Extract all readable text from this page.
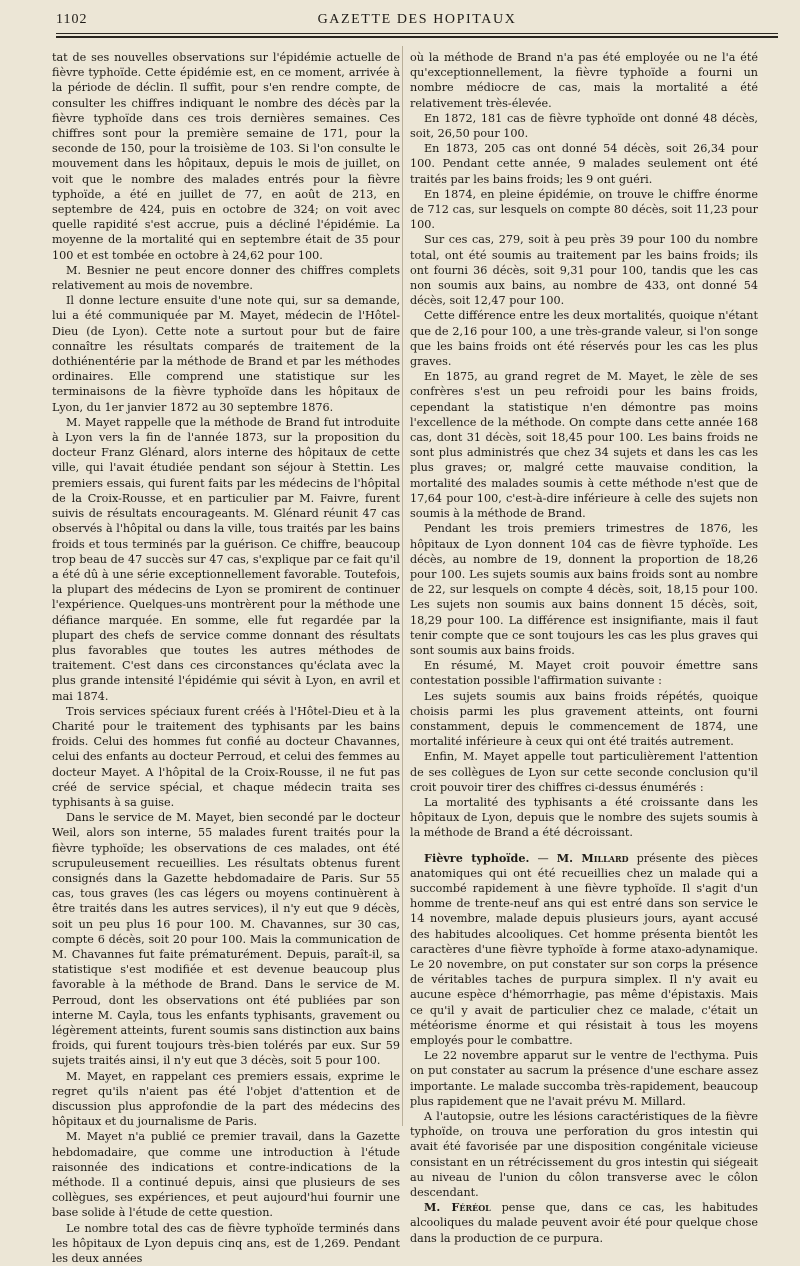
1102	GAZETTE DES HOPITAUX

tat de ses nouvelles observations sur l'épidémie actuelle de fièvre typhoïde. Cette épidémie est, en ce moment, arrivée à la période de déclin. Il suffit, pour s'en rendre compte, de consulter les chiffres indiquant le nombre des décès par la fièvre typhoïde dans ces trois dernières semaines. Ces chiffres sont pour la première semaine de 171, pour la seconde de 150, pour la troisième de 103. Si l'on consulte le mouvement dans les hôpitaux, depuis le mois de juillet, on voit que le nombre des malades entrés pour la fièvre typhoïde, a été en juillet de 77, en août de 213, en septembre de 424, puis en octobre de 324; on voit avec quelle rapidité s'est accrue, puis a décliné l'épidémie. La moyenne de la mortalité qui en septembre était de 35 pour 100 et est tombée en octobre à 24,62 pour 100.

M. Besnier ne peut encore donner des chiffres complets relativement au mois de novembre.

Il donne lecture ensuite d'une note qui, sur sa demande, lui a été communiquée par M. Mayet, médecin de l'Hôtel-Dieu (de Lyon). Cette note a surtout pour but de faire connaître les résultats comparés de traitement de la dothiénentérie par la méthode de Brand et par les méthodes ordinaires. Elle comprend une statistique sur les terminaisons de la fièvre typhoïde dans les hôpitaux de Lyon, du 1er janvier 1872 au 30 septembre 1876.

M. Mayet rappelle que la méthode de Brand fut introduite à Lyon vers la fin de l'année 1873, sur la proposition du docteur Franz Glénard, alors interne des hôpitaux de cette ville, qui l'avait étudiée pendant son séjour à Stettin. Les premiers essais, qui furent faits par les médecins de l'hôpital de la Croix-Rousse, et en particulier par M. Faivre, furent suivis de résultats encourageants. M. Glénard réunit 47 cas observés à l'hôpital ou dans la ville, tous traités par les bains froids et tous terminés par la guérison. Ce chiffre, beaucoup trop beau de 47 succès sur 47 cas, s'explique par ce fait qu'il a été dû à une série exceptionnellement favorable. Toutefois, la plupart des médecins de Lyon se promirent de continuer l'expérience. Quelques-uns montrèrent pour la méthode une défiance marquée. En somme, elle fut regardée par la plupart des chefs de service comme donnant des résultats plus favorables que toutes les autres méthodes de traitement. C'est dans ces circonstances qu'éclata avec la plus grande intensité l'épidémie qui sévit à Lyon, en avril et mai 1874.

Trois services spéciaux furent créés à l'Hôtel-Dieu et à la Charité pour le traitement des typhisants par les bains froids. Celui des hommes fut confié au docteur Chavannes, celui des enfants au docteur Perroud, et celui des femmes au docteur Mayet. A l'hôpital de la Croix-Rousse, il ne fut pas créé de service spécial, et chaque médecin traita ses typhisants à sa guise.

Dans le service de M. Mayet, bien secondé par le docteur Weil, alors son interne, 55 malades furent traités pour la fièvre typhoïde; les observations de ces malades, ont été scrupuleusement recueillies. Les résultats obtenus furent consignés dans la Gazette hebdomadaire de Paris. Sur 55 cas, tous graves (les cas légers ou moyens continuèrent à être traités dans les autres services), il n'y eut que 9 décès, soit un peu plus 16 pour 100. M. Chavannes, sur 30 cas, compte 6 décès, soit 20 pour 100. Mais la communication de M. Chavannes fut faite prématurément. Depuis, paraît-il, sa statistique s'est modifiée et est devenue beaucoup plus favorable à la méthode de Brand. Dans le service de M. Perroud, dont les observations ont été publiées par son interne M. Cayla, tous les enfants typhisants, gravement ou légèrement atteints, furent soumis sans distinction aux bains froids, qui furent toujours très-bien tolérés par eux. Sur 59 sujets traités ainsi, il n'y eut que 3 décès, soit 5 pour 100.

M. Mayet, en rappelant ces premiers essais, exprime le regret qu'ils n'aient pas été l'objet d'attention et de discussion plus approfondie de la part des médecins des hôpitaux et du journalisme de Paris.

M. Mayet n'a publié ce premier travail, dans la Gazette hebdomadaire, que comme une introduction à l'étude raisonnée des indications et contre-indications de la méthode. Il a continué depuis, ainsi que plusieurs de ses collègues, ses expériences, et peut aujourd'hui fournir une base solide à l'étude de cette question.

Le nombre total des cas de fièvre typhoïde terminés dans les hôpitaux de Lyon depuis cinq ans, est de 1,269. Pendant les deux années

où la méthode de Brand n'a pas été employée ou ne l'a été qu'exceptionnellement, la fièvre typhoïde a fourni un nombre médiocre de cas, mais la mortalité a été relativement très-élevée.

En 1872, 181 cas de fièvre typhoïde ont donné 48 décès, soit, 26,50 pour 100.

En 1873, 205 cas ont donné 54 décès, soit 26,34 pour 100. Pendant cette année, 9 malades seulement ont été traités par les bains froids; les 9 ont guéri.

En 1874, en pleine épidémie, on trouve le chiffre énorme de 712 cas, sur lesquels on compte 80 décès, soit 11,23 pour 100.

Sur ces cas, 279, soit à peu près 39 pour 100 du nombre total, ont été soumis au traitement par les bains froids; ils ont fourni 36 décès, soit 9,31 pour 100, tandis que les cas non soumis aux bains, au nombre de 433, ont donné 54 décès, soit 12,47 pour 100.

Cette différence entre les deux mortalités, quoique n'étant que de 2,16 pour 100, a une très-grande valeur, si l'on songe que les bains froids ont été réservés pour les cas les plus graves.

En 1875, au grand regret de M. Mayet, le zèle de ses confrères s'est un peu refroidi pour les bains froids, cependant la statistique n'en démontre pas moins l'excellence de la méthode. On compte dans cette année 168 cas, dont 31 décès, soit 18,45 pour 100. Les bains froids ne sont plus administrés que chez 34 sujets et dans les cas les plus graves; or, malgré cette mauvaise condition, la mortalité des malades soumis à cette méthode n'est que de 17,64 pour 100, c'est-à-dire inférieure à celle des sujets non soumis à la méthode de Brand.

Pendant les trois premiers trimestres de 1876, les hôpitaux de Lyon donnent 104 cas de fièvre typhoïde. Les décès, au nombre de 19, donnent la proportion de 18,26 pour 100. Les sujets soumis aux bains froids sont au nombre de 22, sur lesquels on compte 4 décès, soit, 18,15 pour 100. Les sujets non soumis aux bains donnent 15 décès, soit, 18,29 pour 100. La différence est insignifiante, mais il faut tenir compte que ce sont toujours les cas les plus graves qui sont soumis aux bains froids.

En résumé, M. Mayet croit pouvoir émettre sans contestation possible l'affirmation suivante :

Les sujets soumis aux bains froids répétés, quoique choisis parmi les plus gravement atteints, ont fourni constamment, depuis le commencement de 1874, une mortalité inférieure à ceux qui ont été traités autrement.

Enfin, M. Mayet appelle tout particulièrement l'attention de ses collègues de Lyon sur cette seconde conclusion qu'il croit pouvoir tirer des chiffres ci-dessus énumérés :

La mortalité des typhisants a été croissante dans les hôpitaux de Lyon, depuis que le nombre des sujets soumis à la méthode de Brand a été décroissant.

Fièvre typhoïde. — M. Millard présente des pièces anatomiques qui ont été recueillies chez un malade qui a succombé rapidement à une fièvre typhoïde. Il s'agit d'un homme de trente-neuf ans qui est entré dans son service le 14 novembre, malade depuis plusieurs jours, ayant accusé des habitudes alcooliques. Cet homme présenta bientôt les caractères d'une fièvre typhoïde à forme ataxo-adynamique. Le 20 novembre, on put constater sur son corps la présence de véritables taches de purpura simplex. Il n'y avait eu aucune espèce d'hémorrhagie, pas même d'épistaxis. Mais ce qu'il y avait de particulier chez ce malade, c'était un météorisme énorme et qui résistait à tous les moyens employés pour le combattre.

Le 22 novembre apparut sur le ventre de l'ecthyma. Puis on put constater au sacrum la présence d'une eschare assez importante. Le malade succomba très-rapidement, beaucoup plus rapidement que ne l'avait prévu M. Millard.

A l'autopsie, outre les lésions caractéristiques de la fièvre typhoïde, on trouva une perforation du gros intestin qui avait été favorisée par une disposition congénitale vicieuse consistant en un rétrécissement du gros intestin qui siégeait au niveau de l'union du côlon transverse avec le côlon descendant.

M. Féréol pense que, dans ce cas, les habitudes alcooliques du malade peuvent avoir été pour quelque chose dans la production de ce purpura.
